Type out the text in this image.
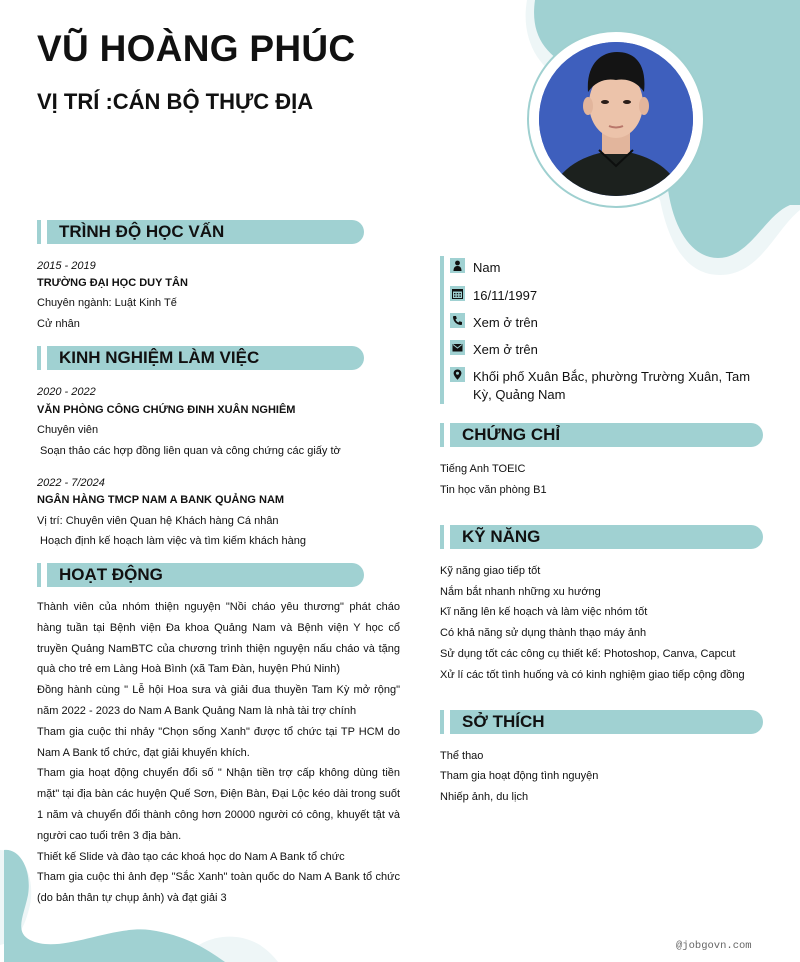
VŨ HOÀNG PHÚC
VỊ TRÍ :CÁN BỘ THỰC ĐỊA
TRÌNH ĐỘ HỌC VẤN
2015 - 2019
TRƯỜNG ĐẠI HỌC DUY TÂN
Chuyên ngành: Luật Kinh Tế
Cử nhân
KINH NGHIỆM LÀM VIỆC
2020 - 2022
VĂN PHÒNG CÔNG CHỨNG ĐINH XUÂN NGHIÊM
Chuyên viên
Soạn thảo các hợp đồng liên quan và công chứng các giấy tờ
2022 - 7/2024
NGÂN HÀNG TMCP NAM A BANK QUẢNG NAM
Vị trí: Chuyên viên Quan hệ Khách hàng Cá nhân
Hoạch định kế hoạch làm việc và tìm kiếm khách hàng
HOẠT ĐỘNG

Thành viên của nhóm thiện nguyện "Nồi cháo yêu thương" phát cháo hàng tuần tại Bệnh viện Đa khoa Quảng Nam và Bệnh viện Y học cổ truyền Quảng NamBTC của chương trình thiện nguyện nấu cháo và tặng quà cho trẻ em Làng Hoà Bình (xã Tam Đàn, huyện Phú Ninh)

Đồng hành cùng " Lễ hội Hoa sưa và giải đua thuyền Tam Kỳ mở rộng" năm 2022 - 2023 do Nam A Bank Quảng Nam là nhà tài trợ chính

Tham gia cuộc thi nhảy "Chọn sống Xanh" được tổ chức tại TP HCM do Nam A Bank tổ chức, đạt giải khuyến khích.

Tham gia hoạt động chuyển đổi số " Nhận tiền trợ cấp không dùng tiền mặt" tại địa bàn các huyện Quế Sơn, Điện Bàn, Đại Lộc kéo dài trong suốt 1 năm và chuyển đổi thành công hơn 20000 người có công, khuyết tật và người cao tuổi trên 3 địa bàn.

Thiết kế Slide và đào tạo các khoá học do Nam A Bank tổ chức

Tham gia cuộc thi ảnh đẹp "Sắc Xanh" toàn quốc do Nam A Bank tổ chức (do bản thân tự chụp ảnh) và đạt giải 3

Nam
16/11/1997
Xem ở trên
Xem ở trên
Khối phố Xuân Bắc, phường Trường Xuân, Tam Kỳ, Quảng Nam
CHỨNG CHỈ
Tiếng Anh TOEIC
Tin học văn phòng B1
KỸ NĂNG
Kỹ năng giao tiếp tốt
Nắm bắt nhanh những xu hướng
Kĩ năng lên kế hoạch và làm việc nhóm tốt
Có khả năng sử dụng thành thạo máy ảnh
Sử dụng tốt các công cụ thiết kế: Photoshop, Canva, Capcut
Xử lí các tốt tình huống và có kinh nghiệm giao tiếp cộng đồng
SỞ THÍCH
Thể thao
Tham gia hoạt động tình nguyện
Nhiếp ảnh, du lịch
@jobgovn.com
